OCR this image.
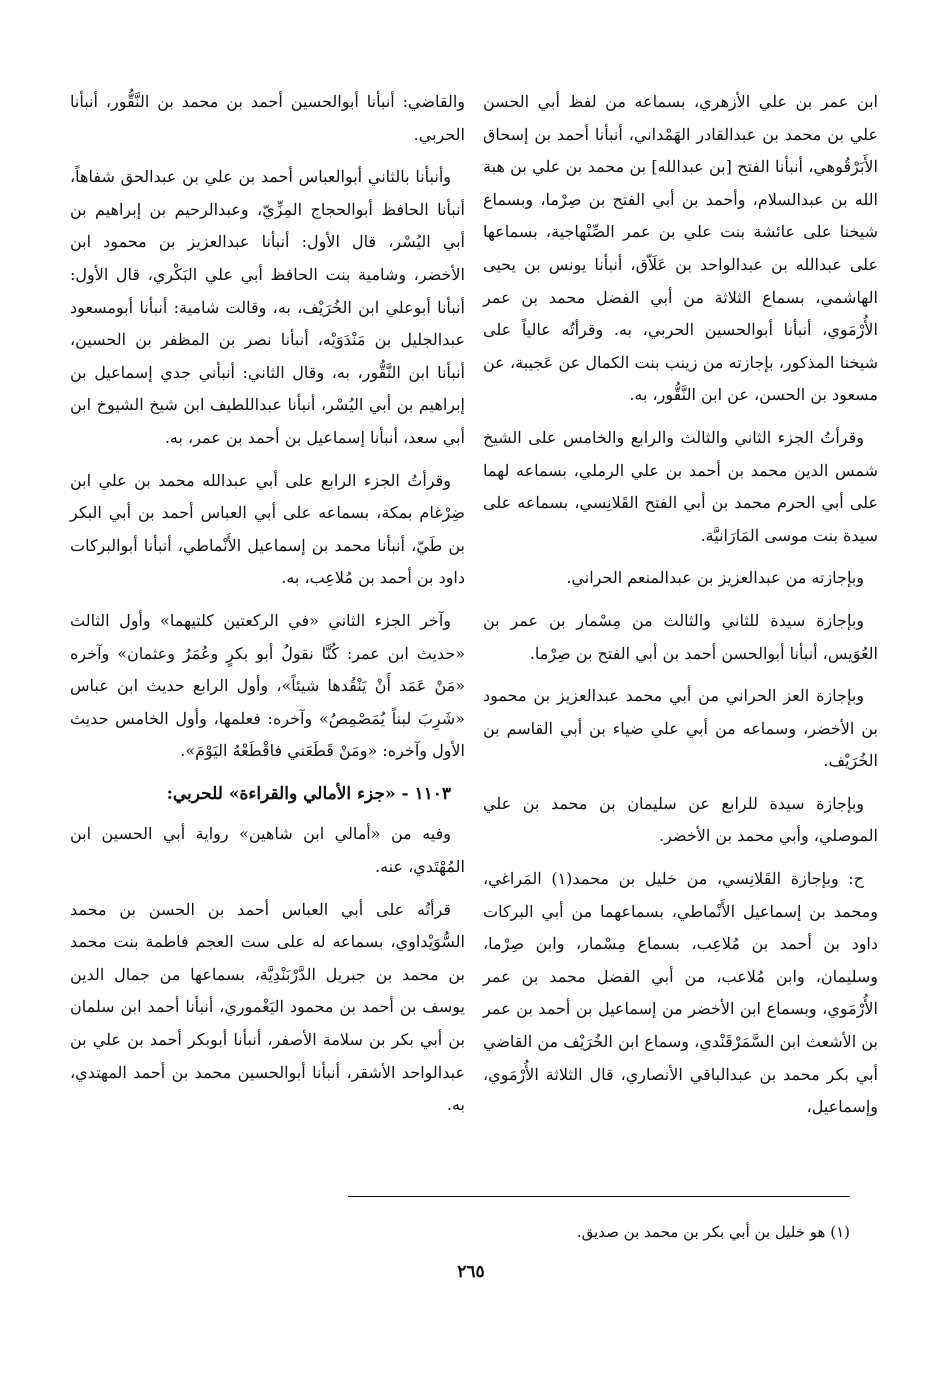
ابن عمر بن علي الأزهري، بسماعه من لفظ أبي الحسن علي بن محمد بن عبدالقادر الهَمْداني، أنبأنا أحمد بن إسحاق الأَبَرْقُوهي، أنبأنا الفتح [بن عبدالله] بن محمد بن علي بن هبة الله بن عبدالسلام، وأحمد بن أبي الفتح بن صِرْما، وبسماع شيخنا على عائشة بنت علي بن عمر الصِّنْهاجية، بسماعها على عبدالله بن عبدالواحد بن عَلَاّق، أنبأنا يونس بن يحيى الهاشمي، بسماع الثلاثة من أبي الفضل محمد بن عمر الأُرْمَوي، أنبأنا أبوالحسين الحربي، به. وقرأتُه عالياً على شيخنا المذكور، بإجازته من زينب بنت الكمال عن عَجيبة، عن مسعود بن الحسن، عن ابن النَّقُّور، به.

وقرأتُ الجزء الثاني والثالث والرابع والخامس على الشيخ شمس الدين محمد بن أحمد بن علي الرملي، بسماعه لهما على أبي الحرم محمد بن أبي الفتح القَلانِسي، بسماعه على سيدة بنت موسى المَارَانيَّة.

وبإجازته من عبدالعزيز بن عبدالمنعم الحراني.

وبإجازة سيدة للثاني والثالث من مِسْمار بن عمر بن العُوَيس، أنبأنا أبوالحسن أحمد بن أبي الفتح بن صِرْما.

وبإجازة العز الحراني من أبي محمد عبدالعزيز بن محمود بن الأخضر، وسماعه من أبي علي ضياء بن أبي القاسم بن الخُرَيْف.

وبإجازة سيدة للرابع عن سليمان بن محمد بن علي الموصلي، وأبي محمد بن الأخضر.

ح: وبإجازة القَلانِسي، من خليل بن محمد(١) المَراغي، ومحمد بن إسماعيل الأَنْماطي، بسماعهما من أبي البركات داود بن أحمد بن مُلاعِب، بسماع مِسْمار، وابن صِرْما، وسليمان، وابن مُلاعب، من أبي الفضل محمد بن عمر الأُرْمَوي، وبسماع ابن الأخضر من إسماعيل بن أحمد بن عمر بن الأشعث ابن السَّمَرْقَنْدي، وسماع ابن الخُرَيْف من القاضي أبي بكر محمد بن عبدالباقي الأنصاري، قال الثلاثة الأُرْمَوي، وإسماعيل،

والقاضي: أنبأنا أبوالحسين أحمد بن محمد بن النَّقُّور، أنبأنا الحربي.

وأنبأنا بالثاني أبوالعباس أحمد بن علي بن عبدالحق شفاهاً، أنبأنا الحافظ أبوالحجاج المِزِّيّ، وعبدالرحيم بن إبراهيم بن أبي اليُسْر، قال الأول: أنبأنا عبدالعزيز بن محمود ابن الأخضر، وشامية بنت الحافظ أبي علي البَكْري، قال الأول: أنبأنا أبوعلي ابن الخُرَيْف، به، وقالت شامية: أنبأنا أبومسعود عبدالجليل بن مَنْدَوَيْه، أنبأنا نصر بن المظفر بن الحسين، أنبأنا ابن النَّقُّور، به، وقال الثاني: أنبأني جدي إسماعيل بن إبراهيم بن أبي اليُسْر، أنبأنا عبداللطيف ابن شيخ الشيوخ ابن أبي سعد، أنبأنا إسماعيل بن أحمد بن عمر، به.

وقرأتُ الجزء الرابع على أبي عبدالله محمد بن علي ابن ضِرْغام بمكة، بسماعه على أبي العباس أحمد بن أبي البكر بن طَيّ، أنبأنا محمد بن إسماعيل الأَنْماطي، أنبأنا أبوالبركات داود بن أحمد بن مُلاعِب، به.

وآخر الجزء الثاني «في الركعتين كلتيهما» وأول الثالث «حديث ابن عمر: كُنَّا نقولُ أبو بكرٍ وعُمَرُ وعثمان» وآخره «مَنْ عَمَد أَنْ يَنْقُدها شيئاً»، وأول الرابع حديث ابن عباس «شَرِبَ لبناً يُمَصْمِصُ» وآخره: فعلمها، وأول الخامس حديث الأول وآخره: «ومَنْ قَطَعَني فاقْطَعْهُ اليَوْمَ».

١١٠٣ - «جزء الأمالي والقراءة» للحربي:

وفيه من «أمالي ابن شاهين» رواية أبي الحسين ابن المُهْتَدي، عنه.

قرأتُه على أبي العباس أحمد بن الحسن بن محمد السُّوَيْداوي، بسماعه له على ست العجم فاطمة بنت محمد بن محمد بن جبريل الدَّرْبَنْدِيَّة، بسماعها من جمال الدين يوسف بن أحمد بن محمود اليَغْموري، أنبأنا أحمد ابن سلمان بن أبي بكر بن سلامة الأصفر، أنبأنا أبوبكر أحمد بن علي بن عبدالواحد الأشقر، أنبأنا أبوالحسين محمد بن أحمد المهتدي، به.

(١) هو خليل بن أبي بكر بن محمد بن صديق.
٢٦٥
